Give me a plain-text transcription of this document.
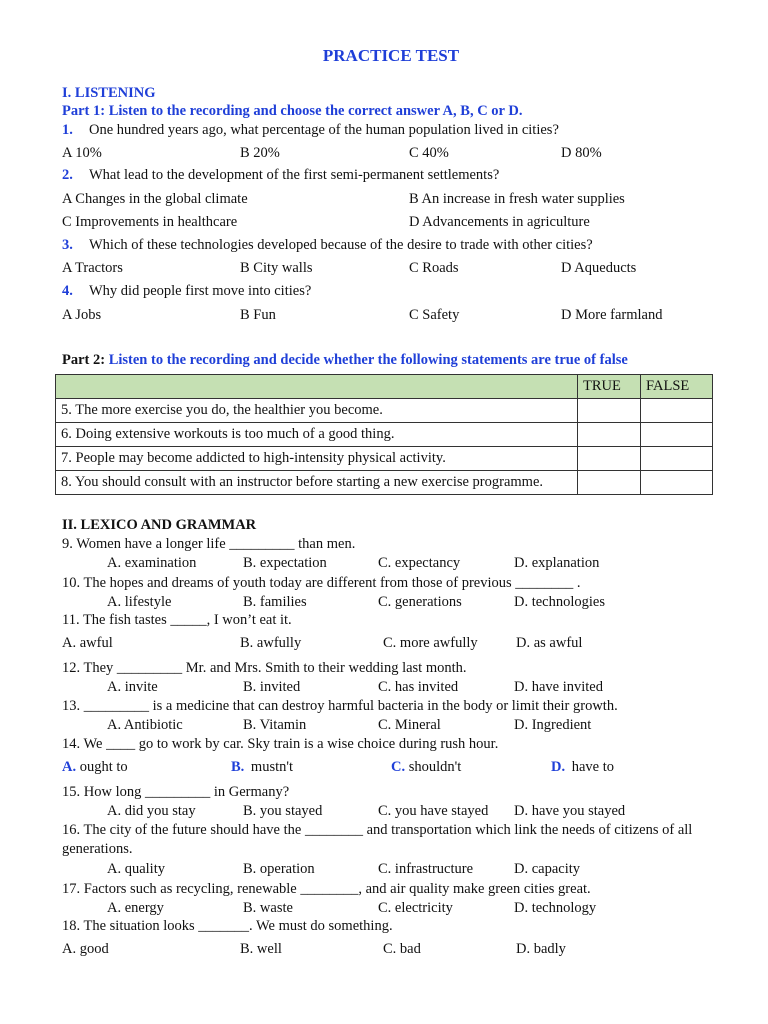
PRACTICE TEST
I. LISTENING
Part 1: Listen to the recording and choose the correct answer A, B, C or D.
1. One hundred years ago, what percentage of the human population lived in cities?
A 10%	B 20%	C 40%	D 80%
2. What lead to the development of the first semi-permanent settlements?
A Changes in the global climate	B An increase in fresh water supplies
C Improvements in healthcare	D Advancements in agriculture
3. Which of these technologies developed because of the desire to trade with other cities?
A Tractors	B City walls	C Roads	D Aqueducts
4. Why did people first move into cities?
A Jobs	B Fun	C Safety	D More farmland
Part 2: Listen to the recording and decide whether the following statements are true of false
	TRUE	FALSE
5. The more exercise you do, the healthier you become.		
6. Doing extensive workouts is too much of a good thing.		
7. People may become addicted to high-intensity physical activity.		
8. You should consult with an instructor before starting a new exercise programme.		
II. LEXICO AND GRAMMAR
9. Women have a longer life _________ than men.
A. examination	B. expectation	C. expectancy	D. explanation
10. The hopes and dreams of youth today are different from those of previous ________ .
A. lifestyle	B. families	C. generations	D. technologies
11. The fish tastes _____, I won’t eat it.
A. awful	B. awfully	C. more awfully	D. as awful
12. They _________ Mr. and Mrs. Smith to their wedding last month.
A. invite	B. invited	C. has invited	D. have invited
13. _________ is a medicine that can destroy harmful bacteria in the body or limit their growth.
A. Antibiotic	B. Vitamin	C. Mineral	D. Ingredient
14. We ____ go to work by car. Sky train is a wise choice during rush hour.
A. ought to	B. mustn't	C. shouldn't	D. have to
15. How long _________ in Germany?
A. did you stay	B. you stayed	C. you have stayed D. have you stayed
16. The city of the future should have the ________ and transportation which link the needs of citizens of all
generations.
A. quality	B. operation	C. infrastructure	D. capacity
17. Factors such as recycling, renewable ________, and air quality make green cities great.
A. energy	B. waste	C. electricity	D. technology
18. The situation looks _______. We must do something.
A. good	B. well	C. bad	D. badly
